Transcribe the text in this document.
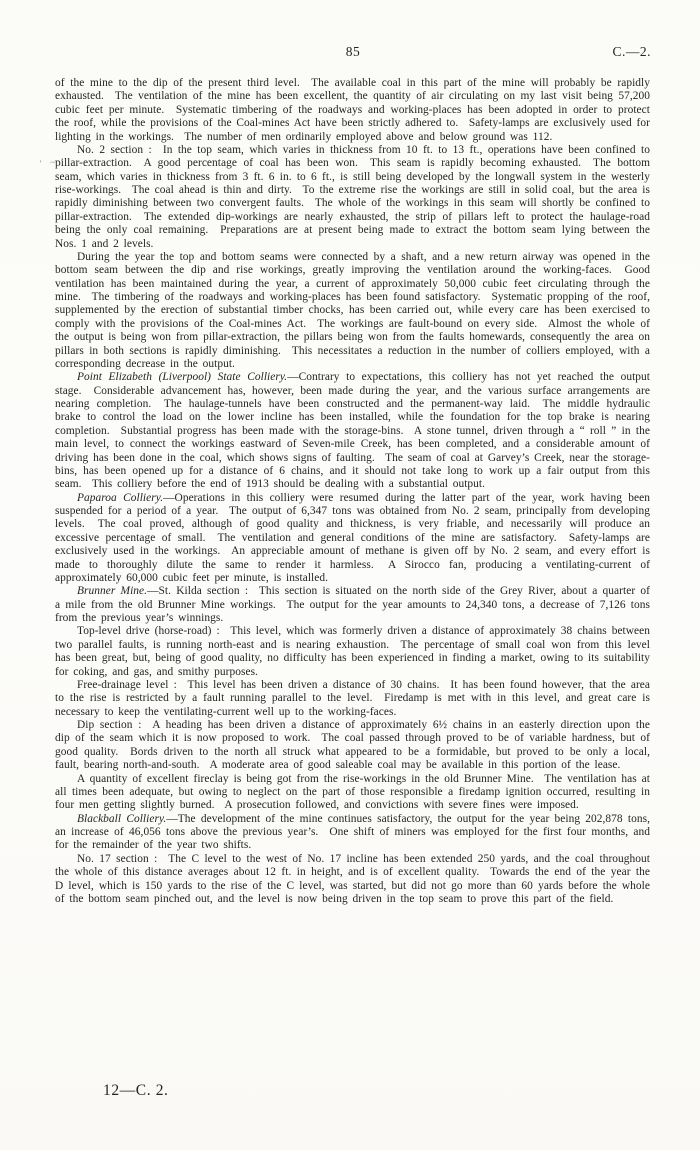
85	C.—2.
' ~

of the mine to the dip of the present third level.  The available coal in this part of the mine will probably be rapidly exhausted.  The ventilation of the mine has been excellent, the quantity of air circulating on my last visit being 57,200 cubic feet per minute.  Systematic timbering of the roadways and working-places has been adopted in order to protect the roof, while the provisions of the Coal-mines Act have been strictly adhered to.  Safety-lamps are exclusively used for lighting in the workings.  The number of men ordinarily employed above and below ground was 112.

No. 2 section :  In the top seam, which varies in thickness from 10 ft. to 13 ft., operations have been confined to pillar-extraction.  A good percentage of coal has been won.  This seam is rapidly becoming exhausted.  The bottom seam, which varies in thickness from 3 ft. 6 in. to 6 ft., is still being developed by the longwall system in the westerly rise-workings.  The coal ahead is thin and dirty.  To the extreme rise the workings are still in solid coal, but the area is rapidly diminishing between two convergent faults.  The whole of the workings in this seam will shortly be confined to pillar-extraction.  The extended dip-workings are nearly exhausted, the strip of pillars left to protect the haulage-road being the only coal remaining.  Preparations are at present being made to extract the bottom seam lying between the Nos. 1 and 2 levels.

During the year the top and bottom seams were connected by a shaft, and a new return airway was opened in the bottom seam between the dip and rise workings, greatly improving the ventilation around the working-faces.  Good ventilation has been maintained during the year, a current of approximately 50,000 cubic feet circulating through the mine.  The timbering of the roadways and working-places has been found satisfactory.  Systematic propping of the roof, supplemented by the erection of substantial timber chocks, has been carried out, while every care has been exercised to comply with the provisions of the Coal-mines Act.  The workings are fault-bound on every side.  Almost the whole of the output is being won from pillar-extraction, the pillars being won from the faults homewards, consequently the area on pillars in both sections is rapidly diminishing.  This necessitates a reduction in the number of colliers employed, with a corresponding decrease in the output.

Point Elizabeth (Liverpool) State Colliery.—Contrary to expectations, this colliery has not yet reached the output stage.  Considerable advancement has, however, been made during the year, and the various surface arrangements are nearing completion.  The haulage-tunnels have been constructed and the permanent-way laid.  The middle hydraulic brake to control the load on the lower incline has been installed, while the foundation for the top brake is nearing completion.  Substantial progress has been made with the storage-bins.  A stone tunnel, driven through a “ roll ” in the main level, to connect the workings eastward of Seven-mile Creek, has been completed, and a considerable amount of driving has been done in the coal, which shows signs of faulting.  The seam of coal at Garvey’s Creek, near the storage-bins, has been opened up for a distance of 6 chains, and it should not take long to work up a fair output from this seam.  This colliery before the end of 1913 should be dealing with a substantial output.

Paparoa Colliery.—Operations in this colliery were resumed during the latter part of the year, work having been suspended for a period of a year.  The output of 6,347 tons was obtained from No. 2 seam, principally from developing levels.  The coal proved, although of good quality and thickness, is very friable, and necessarily will produce an excessive percentage of small.  The ventilation and general conditions of the mine are satisfactory.  Safety-lamps are exclusively used in the workings.  An appreciable amount of methane is given off by No. 2 seam, and every effort is made to thoroughly dilute the same to render it harmless.  A Sirocco fan, producing a ventilating-current of approximately 60,000 cubic feet per minute, is installed.

Brunner Mine.—St. Kilda section :  This section is situated on the north side of the Grey River, about a quarter of a mile from the old Brunner Mine workings.  The output for the year amounts to 24,340 tons, a decrease of 7,126 tons from the previous year’s winnings.

Top-level drive (horse-road) :  This level, which was formerly driven a distance of approximately 38 chains between two parallel faults, is running north-east and is nearing exhaustion.  The percentage of small coal won from this level has been great, but, being of good quality, no difficulty has been experienced in finding a market, owing to its suitability for coking, and gas, and smithy purposes.

Free-drainage level :  This level has been driven a distance of 30 chains.  It has been found however, that the area to the rise is restricted by a fault running parallel to the level.  Firedamp is met with in this level, and great care is necessary to keep the ventilating-current well up to the working-faces.

Dip section :  A heading has been driven a distance of approximately 6½ chains in an easterly direction upon the dip of the seam which it is now proposed to work.  The coal passed through proved to be of variable hardness, but of good quality.  Bords driven to the north all struck what appeared to be a formidable, but proved to be only a local, fault, bearing north-and-south.  A moderate area of good saleable coal may be available in this portion of the lease.

A quantity of excellent fireclay is being got from the rise-workings in the old Brunner Mine.  The ventilation has at all times been adequate, but owing to neglect on the part of those responsible a firedamp ignition occurred, resulting in four men getting slightly burned.  A prosecution followed, and convictions with severe fines were imposed.

Blackball Colliery.—The development of the mine continues satisfactory, the output for the year being 202,878 tons, an increase of 46,056 tons above the previous year’s.  One shift of miners was employed for the first four months, and for the remainder of the year two shifts.

No. 17 section :  The C level to the west of No. 17 incline has been extended 250 yards, and the coal throughout the whole of this distance averages about 12 ft. in height, and is of excellent quality.  Towards the end of the year the D level, which is 150 yards to the rise of the C level, was started, but did not go more than 60 yards before the whole of the bottom seam pinched out, and the level is now being driven in the top seam to prove this part of the field.

12—C. 2.
